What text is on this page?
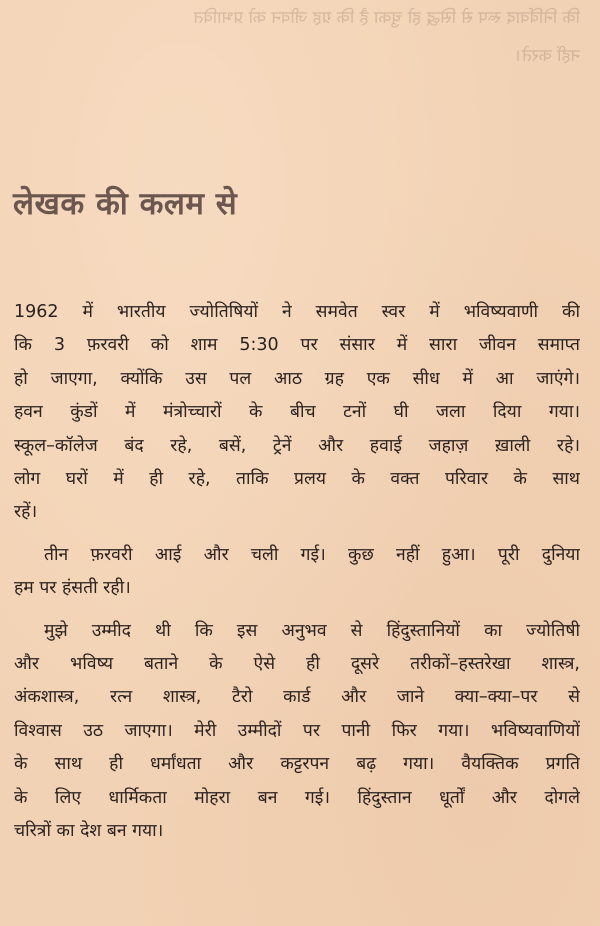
कि निर्विवाद रूप से सिद्ध हो चुका है कि ग्रह जीवन को प्रभावित
नहीं करते।
लेखक की कलम से

1962 में भारतीय ज्योतिषियों ने समवेत स्वर में भविष्यवाणी की
कि 3 फ़रवरी को शाम 5:30 पर संसार में सारा जीवन समाप्त
हो जाएगा, क्योंकि उस पल आठ ग्रह एक सीध में आ जाएंगे।
हवन कुंडों में मंत्रोच्चारों के बीच टनों घी जला दिया गया।
स्कूल–कॉलेज बंद रहे, बसें, ट्रेनें और हवाई जहाज़ ख़ाली रहे।
लोग घरों में ही रहे, ताकि प्रलय के वक्त परिवार के साथ
रहें।

तीन फ़रवरी आई और चली गई। कुछ नहीं हुआ। पूरी दुनिया
हम पर हंसती रही।

मुझे उम्मीद थी कि इस अनुभव से हिंदुस्तानियों का ज्योतिषी
और भविष्य बताने के ऐसे ही दूसरे तरीकों–हस्तरेखा शास्त्र,
अंकशास्त्र, रत्न शास्त्र, टैरो कार्ड और जाने क्या–क्या–पर से
विश्वास उठ जाएगा। मेरी उम्मीदों पर पानी फिर गया। भविष्यवाणियों
के साथ ही धर्मांधता और कट्टरपन बढ़ गया। वैयक्तिक प्रगति
के लिए धार्मिकता मोहरा बन गई। हिंदुस्तान धूर्तों और दोगले
चरित्रों का देश बन गया।
